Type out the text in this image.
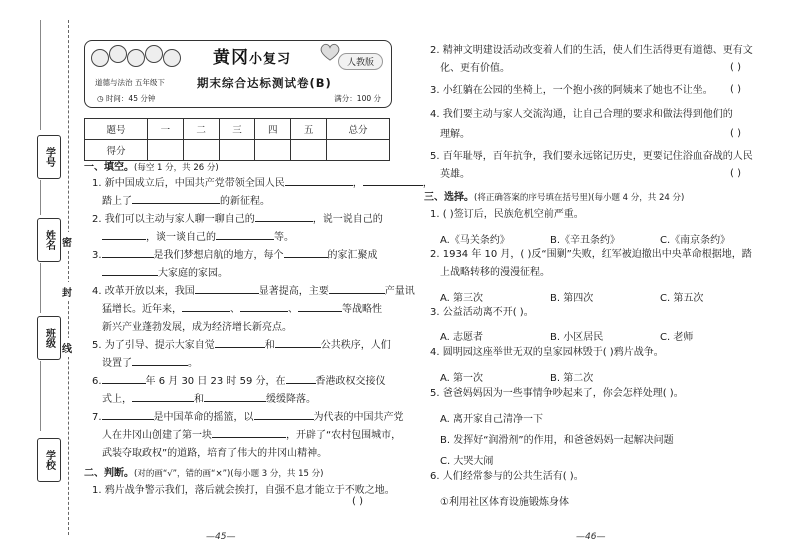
学号
姓名
班级
学校
密
封
线
黄冈小复习	人教版
道德与法治 五年级下	期末综合达标测试卷(B)
◷ 时间：45 分钟	满分：100 分
题号	一	二	三	四	五	总分
得分						
一、填空。(每空 1 分，共 26 分)
1. 新中国成立后，中国共产党带领全国人民	，	，
踏上了	的新征程。
2. 我们可以主动与家人聊一聊自己的	，说一说自己的
，谈一谈自己的	等。
3.	是我们梦想启航的地方，每个	的家汇聚成
大家庭的家园。
4. 改革开放以来，我国	显著提高，主要	产量讯
猛增长。近年来，	、	、	等战略性
新兴产业蓬勃发展，成为经济增长新亮点。
5. 为了引导、提示大家自觉	和	公共秩序，人们
设置了	。
6.	年 6 月 30 日 23 时 59 分，在	香港政权交接仪
式上，	和	缓缓降落。
7.	是中国革命的摇篮，以	为代表的中国共产党
人在井冈山创建了第一块	，开辟了“农村包围城市，
武装夺取政权”的道路，培育了伟大的井冈山精神。
二、判断。(对的画“√”，错的画“×”)(每小题 3 分，共 15 分)
1. 鸦片战争警示我们，落后就会挨打，自强不息才能立于不败之地。
( )
—45—
2. 精神文明建设活动改变着人们的生活，使人们生活得更有道德、更有文
化、更有价值。	( )
3. 小红躺在公园的坐椅上，一个抱小孩的阿姨来了她也不让坐。 ( )
4. 我们要主动与家人交流沟通，让自己合理的要求和做法得到他们的
理解。	( )
5. 百年耻辱，百年抗争，我们要永远铭记历史，更要记住浴血奋战的人民
英雄。	( )
三、选择。(将正确答案的序号填在括号里)(每小题 4 分，共 24 分)
1. ( )签订后，民族危机空前严重。
A.《马关条约》	B.《辛丑条约》	C.《南京条约》
2. 1934 年 10 月，( )反“围剿”失败，红军被迫撤出中央革命根据地，踏
上战略转移的漫漫征程。
A. 第三次	B. 第四次	C. 第五次
3. 公益活动离不开( )。
A. 志愿者	B. 小区居民	C. 老师
4. 圆明园这座举世无双的皇家园林毁于( )鸦片战争。
A. 第一次	B. 第二次
5. 爸爸妈妈因为一些事情争吵起来了，你会怎样处理( )。
A. 离开家自己清净一下
B. 发挥好“润滑剂”的作用，和爸爸妈妈一起解决问题
C. 大哭大闹
6. 人们经常参与的公共生活有( )。
①利用社区体育设施锻炼身体
—46—
